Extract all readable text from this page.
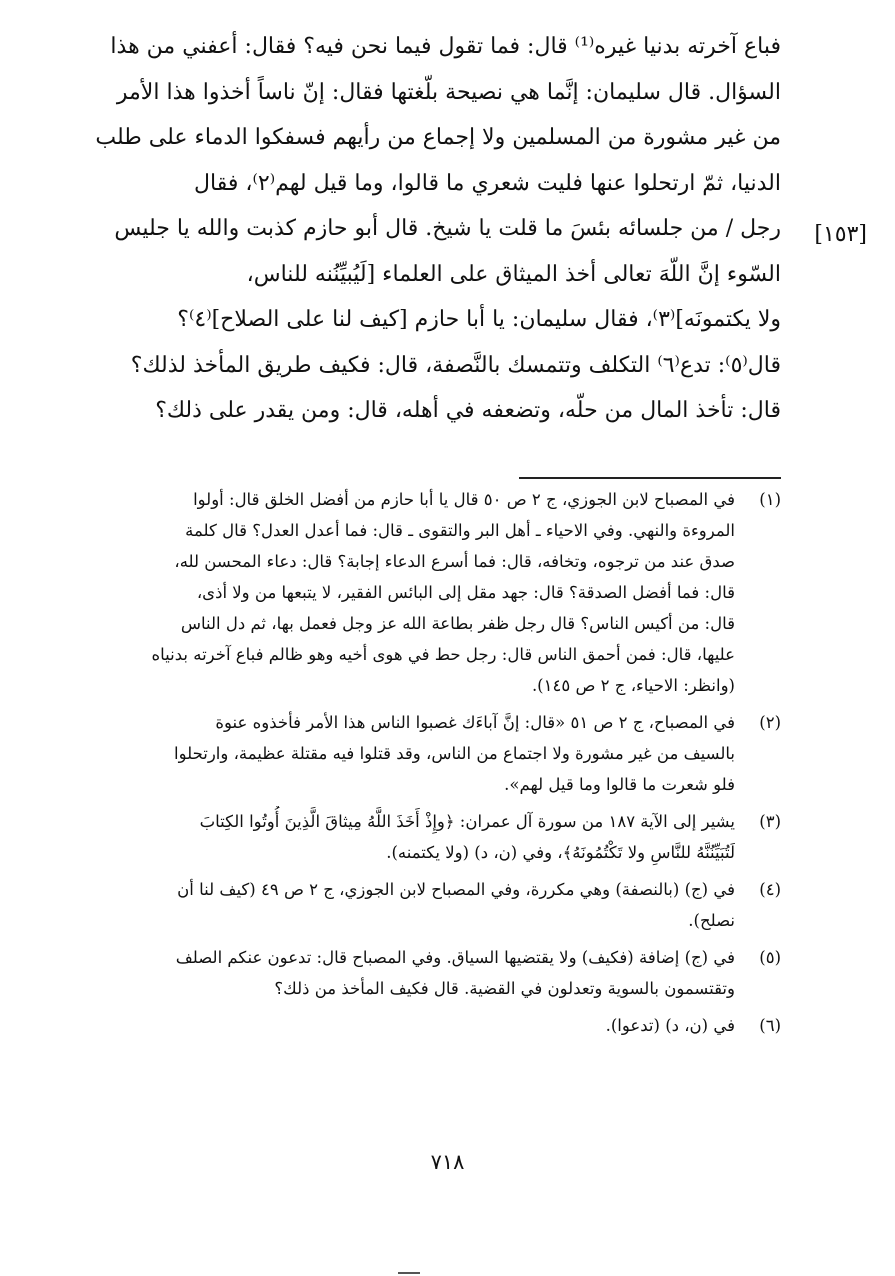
فباع آخرته بدنيا غيره⁽¹⁾ قال: فما تقول فيما نحن فيه؟ فقال: أعفني من هذا
السؤال. قال سليمان: إنَّما هي نصيحة بلّغتها فقال: إنّ ناساً أخذوا هذا الأمر
من غير مشورة من المسلمين ولا إجماع من رأيهم فسفكوا الدماء على طلب
الدنيا، ثمّ ارتحلوا عنها فليت شعري ما قالوا، وما قيل لهم⁽٢⁾، فقال
رجل / من جلسائه بئسَ ما قلت يا شيخ. قال أبو حازم كذبت والله يا جليس
السّوء إنَّ اللّهَ تعالى أخذ الميثاق على العلماء [لَيُبيِّنُنه للناس،
ولا يكتمونَه]⁽٣⁾، فقال سليمان: يا أبا حازم [كيف لنا على الصلاح]⁽٤⁾؟
قال⁽٥⁾: تدع⁽٦⁾ التكلف وتتمسك بالنَّصفة، قال: فكيف طريق المأخذ لذلك؟
قال: تأخذ المال من حلّه، وتضعفه في أهله، قال: ومن يقدر على ذلك؟
[١٥٣]
(١)
في المصباح لابن الجوزي، ج ٢ ص ٥٠ قال يا أبا حازم من أفضل الخلق قال: أولوا
المروءة والنهي. وفي الاحياء ـ أهل البر والتقوى ـ قال: فما أعدل العدل؟ قال كلمة
صدق عند من ترجوه، وتخافه، قال: فما أسرع الدعاء إجابة؟ قال: دعاء المحسن لله،
قال: فما أفضل الصدقة؟ قال: جهد مقل إلى البائس الفقير، لا يتبعها من ولا أذى،
قال: من أكيس الناس؟ قال رجل ظفر بطاعة الله عز وجل فعمل بها، ثم دل الناس
عليها، قال: فمن أحمق الناس قال: رجل حط في هوى أخيه وهو ظالم فباع آخرته بدنياه
(وانظر: الاحياء، ج ٢ ص ١٤٥).
(٢)
في المصباح، ج ٢ ص ٥١ «قال: إنَّ آباءَك غصبوا الناس هذا الأمر فأخذوه عنوة
بالسيف من غير مشورة ولا اجتماع من الناس، وقد قتلوا فيه مقتلة عظيمة، وارتحلوا
فلو شعرت ما قالوا وما قيل لهم».
(٣)
يشير إلى الآية ١٨٧ من سورة آل عمران: ﴿وإِذْ أَخَذَ اللَّهُ مِيثاقَ الَّذِينَ أُوتُوا الكِتابَ
لَتُبَيِّنُنَّهُ للنَّاسِ ولا تَكْتُمُونَهُ﴾، وفي (ن، د) (ولا يكتمنه).
(٤)
في (ج) (بالنصفة) وهي مكررة، وفي المصباح لابن الجوزي، ج ٢ ص ٤٩ (كيف لنا أن
نصلح).
(٥)
في (ج) إضافة (فكيف) ولا يقتضيها السياق. وفي المصباح قال: تدعون عنكم الصلف
وتقتسمون بالسوية وتعدلون في القضية. قال فكيف المأخذ من ذلك؟
(٦)
في (ن، د) (تدعوا).
٧١٨
